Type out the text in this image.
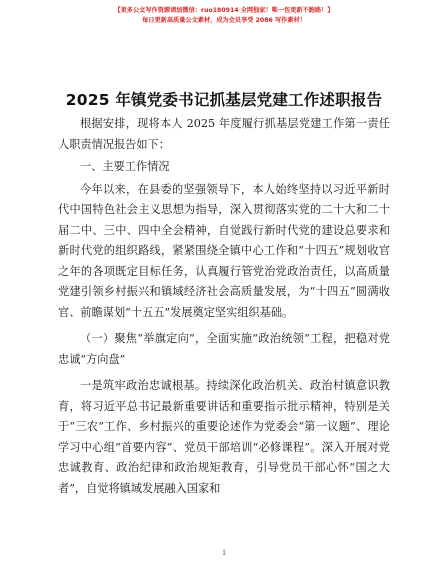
【更多公文写作资源请加微信：ruo180914 全网独家！唯一包更新不跑路！】
每日更新高质量公文素材，成为会员享受 2086 写作素材！
2025 年镇党委书记抓基层党建工作述职报告

根据安排，现将本人 2025 年度履行抓基层党建工作第一责任人职责情况报告如下：

一、主要工作情况

今年以来，在县委的坚强领导下，本人始终坚持以习近平新时代中国特色社会主义思想为指导，深入贯彻落实党的二十大和二十届二中、三中、四中全会精神，自觉践行新时代党的建设总要求和新时代党的组织路线，紧紧围绕全镇中心工作和“十四五”规划收官之年的各项既定目标任务，认真履行管党治党政治责任，以高质量党建引领乡村振兴和镇域经济社会高质量发展，为“十四五”圆满收官、前瞻谋划“十五五”发展奠定坚实组织基础。

（一）聚焦“举旗定向”，全面实施“政治统领”工程，把稳对党忠诚“方向盘”

一是筑牢政治忠诚根基。持续深化政治机关、政治村镇意识教育，将习近平总书记最新重要讲话和重要指示批示精神，特别是关于“三农”工作、乡村振兴的重要论述作为党委会“第一议题”、理论学习中心组“首要内容”、党员干部培训“必修课程”。深入开展对党忠诚教育、政治纪律和政治规矩教育，引导党员干部心怀“国之大者”，自觉将镇域发展融入国家和

1
